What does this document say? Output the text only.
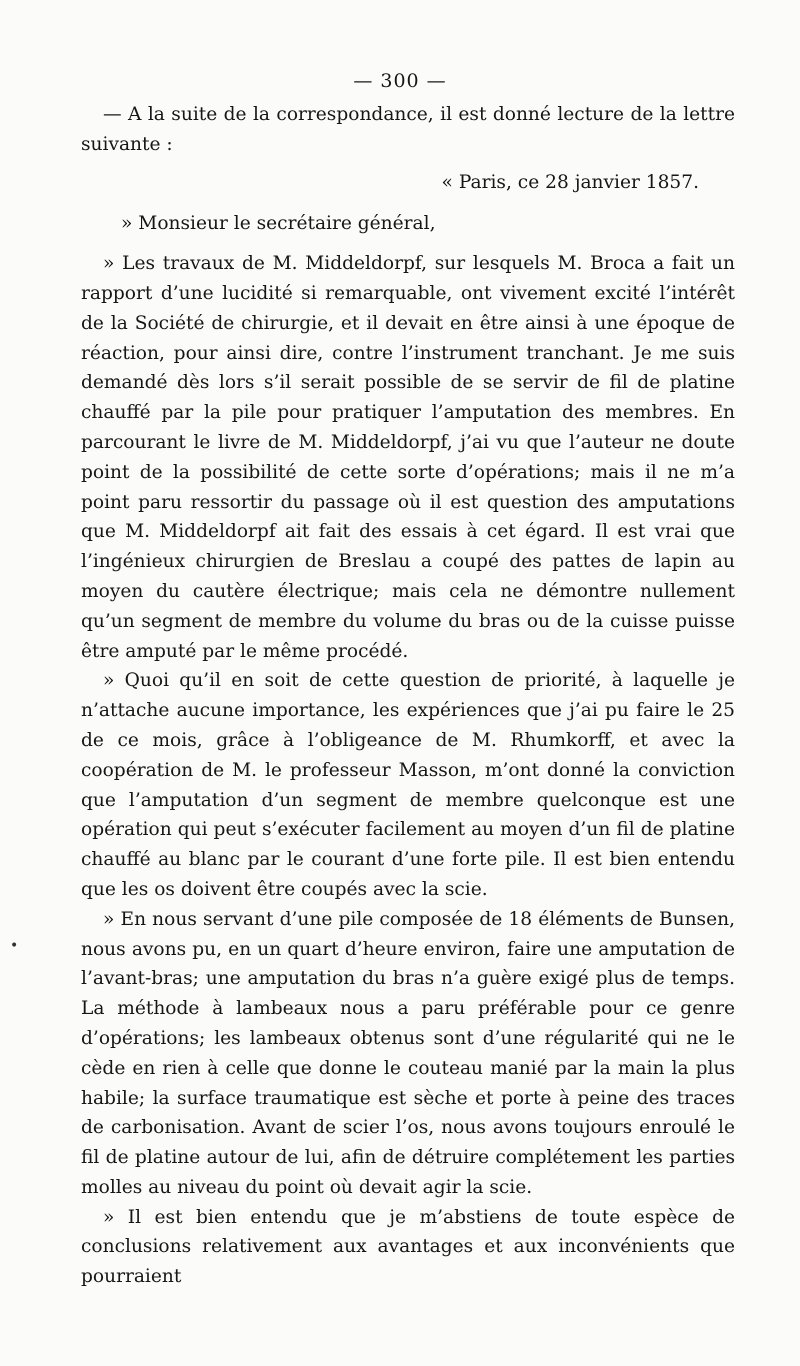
— 300 —

— A la suite de la correspondance, il est donné lecture de la lettre suivante :

« Paris, ce 28 janvier 1857.

» Monsieur le secrétaire général,

» Les travaux de M. Middeldorpf, sur lesquels M. Broca a fait un rapport d’une lucidité si remarquable, ont vivement excité l’intérêt de la Société de chirurgie, et il devait en être ainsi à une époque de réaction, pour ainsi dire, contre l’instrument tranchant. Je me suis demandé dès lors s’il serait possible de se servir de fil de platine chauffé par la pile pour pratiquer l’amputation des membres. En parcourant le livre de M. Middeldorpf, j’ai vu que l’auteur ne doute point de la possibilité de cette sorte d’opérations; mais il ne m’a point paru ressortir du passage où il est question des amputations que M. Middeldorpf ait fait des essais à cet égard. Il est vrai que l’ingénieux chirurgien de Breslau a coupé des pattes de lapin au moyen du cautère électrique; mais cela ne démontre nullement qu’un segment de membre du volume du bras ou de la cuisse puisse être amputé par le même procédé.

» Quoi qu’il en soit de cette question de priorité, à laquelle je n’attache aucune importance, les expériences que j’ai pu faire le 25 de ce mois, grâce à l’obligeance de M. Rhumkorff, et avec la coopération de M. le professeur Masson, m’ont donné la conviction que l’amputation d’un segment de membre quelconque est une opération qui peut s’exécuter facilement au moyen d’un fil de platine chauffé au blanc par le courant d’une forte pile. Il est bien entendu que les os doivent être coupés avec la scie.

» En nous servant d’une pile composée de 18 éléments de Bunsen, nous avons pu, en un quart d’heure environ, faire une amputation de l’avant-bras; une amputation du bras n’a guère exigé plus de temps. La méthode à lambeaux nous a paru préférable pour ce genre d’opérations; les lambeaux obtenus sont d’une régularité qui ne le cède en rien à celle que donne le couteau manié par la main la plus habile; la surface traumatique est sèche et porte à peine des traces de carbonisation. Avant de scier l’os, nous avons toujours enroulé le fil de platine autour de lui, afin de détruire complétement les parties molles au niveau du point où devait agir la scie.

» Il est bien entendu que je m’abstiens de toute espèce de conclusions relativement aux avantages et aux inconvénients que pourraient

•
